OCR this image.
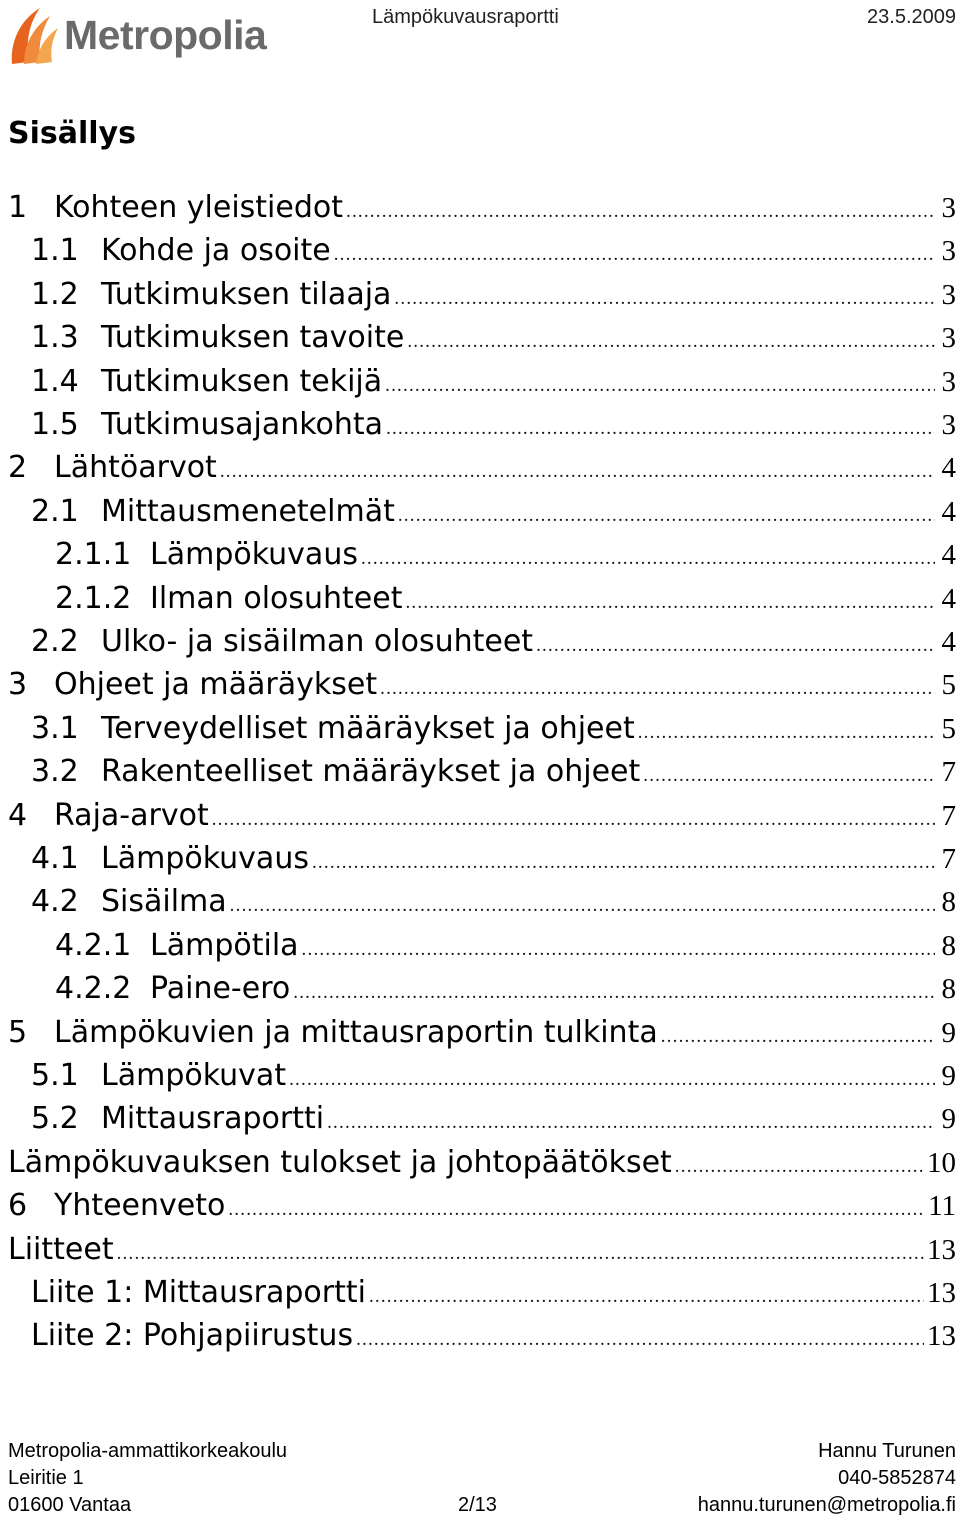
Metropolia	Lämpökuvausraportti	23.5.2009
Sisällys
1 Kohteen yleistiedot .....	3
1.1 Kohde ja osoite .....	3
1.2 Tutkimuksen tilaaja .....	3
1.3 Tutkimuksen tavoite .....	3
1.4 Tutkimuksen tekijä .....	3
1.5 Tutkimusajankohta .....	3
2 Lähtöarvot .....	4
2.1 Mittausmenetelmät .....	4
2.1.1 Lämpökuvaus .....	4
2.1.2 Ilman olosuhteet .....	4
2.2 Ulko- ja sisäilman olosuhteet .....	4
3 Ohjeet ja määräykset .....	5
3.1 Terveydelliset määräykset ja ohjeet .....	5
3.2 Rakenteelliset määräykset ja ohjeet .....	7
4 Raja-arvot .....	7
4.1 Lämpökuvaus .....	7
4.2 Sisäilma .....	8
4.2.1 Lämpötila .....	8
4.2.2 Paine-ero .....	8
5 Lämpökuvien ja mittausraportin tulkinta .....	9
5.1 Lämpökuvat .....	9
5.2 Mittausraportti .....	9
Lämpökuvauksen tulokset ja johtopäätökset .....	10
6 Yhteenveto .....	11
Liitteet .....	13
Liite 1: Mittausraportti .....	13
Liite 2: Pohjapiirustus .....	13
Metropolia-ammattikorkeakoulu
Leiritie 1
01600 Vantaa	2/13
Hannu Turunen
040-5852874
hannu.turunen@metropolia.fi
